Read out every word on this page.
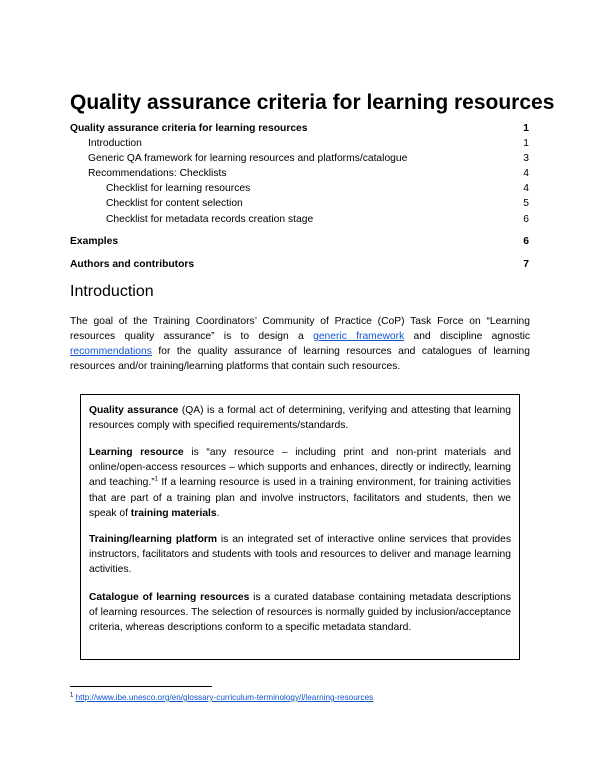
Quality assurance criteria for learning resources
Quality assurance criteria for learning resources	1
Introduction	1
Generic QA framework for learning resources and platforms/catalogue	3
Recommendations: Checklists	4
Checklist for learning resources	4
Checklist for content selection	5
Checklist for metadata records creation stage	6
Examples	6
Authors and contributors	7
Introduction
The goal of the Training Coordinators’ Community of Practice (CoP) Task Force on “Learning resources quality assurance” is to design a generic framework and discipline agnostic recommendations for the quality assurance of learning resources and catalogues of learning resources and/or training/learning platforms that contain such resources.
Quality assurance (QA) is a formal act of determining, verifying and attesting that learning resources comply with specified requirements/standards.
Learning resource is “any resource – including print and non-print materials and online/open-access resources – which supports and enhances, directly or indirectly, learning and teaching.”$^1$ If a learning resource is used in a training environment, for training activities that are part of a training plan and involve instructors, facilitators and students, then we speak of training materials.
Training/learning platform is an integrated set of interactive online services that provides instructors, facilitators and students with tools and resources to deliver and manage learning activities.
Catalogue of learning resources is a curated database containing metadata descriptions of learning resources. The selection of resources is normally guided by inclusion/acceptance criteria, whereas descriptions conform to a specific metadata standard.
$^1$ http://www.ibe.unesco.org/en/glossary-curriculum-terminology/l/learning-resources
